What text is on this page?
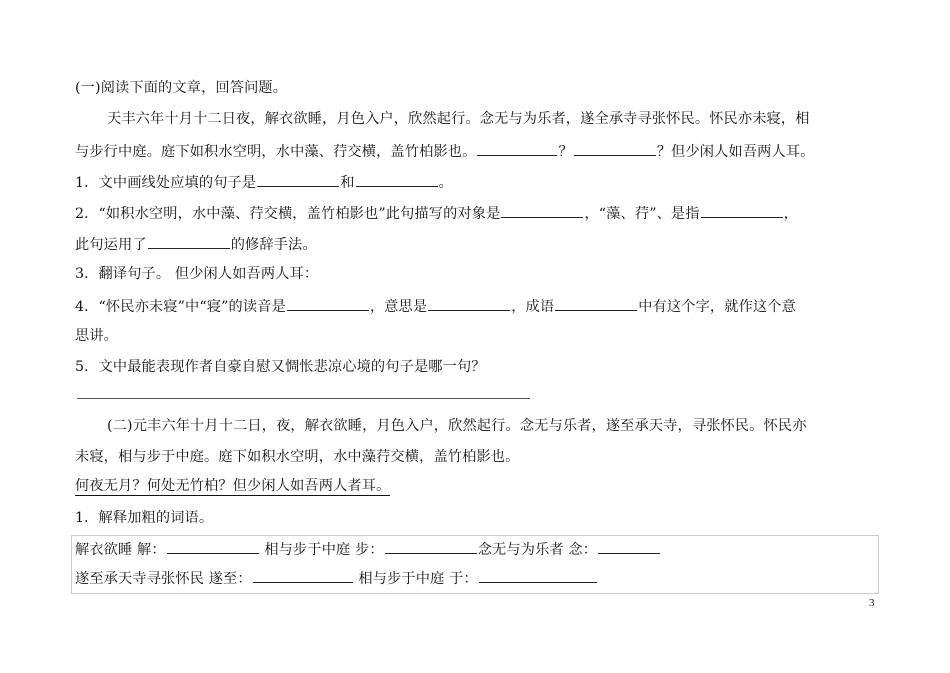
(一)阅读下面的文章，回答问题。
天丰六年十月十二日夜，解衣欲睡，月色入户，欣然起行。念无与为乐者，遂全承寺寻张怀民。怀民亦未寝，相
与步行中庭。庭下如积水空明，水中藻、荇交横，盖竹柏影也。	？	？但少闲人如吾两人耳。
1．文中画线处应填的句子是	和	。
2．“如积水空明，水中藻、荇交横，盖竹柏影也”此句描写的对象是	，“藻、荇”、是指	，
此句运用了	的修辞手法。
3．翻译句子。 但少闲人如吾两人耳：
4．“怀民亦未寝”中“寝”的读音是	，意思是	，成语	中有这个字，就作这个意
思讲。
5．文中最能表现作者自豪自慰又惆怅悲凉心境的句子是哪一句？
(二)元丰六年十月十二日，夜，解衣欲睡，月色入户，欣然起行。念无与乐者，遂至承天寺，寻张怀民。怀民亦
未寝，相与步于中庭。庭下如积水空明，水中藻荇交横，盖竹柏影也。
何夜无月？何处无竹柏？但少闲人如吾两人者耳。
1．解释加粗的词语。
解衣欲睡 解：	相与步于中庭 步：	念无与为乐者 念：
遂至承天寺寻张怀民 遂至：	相与步于中庭 于：
3
